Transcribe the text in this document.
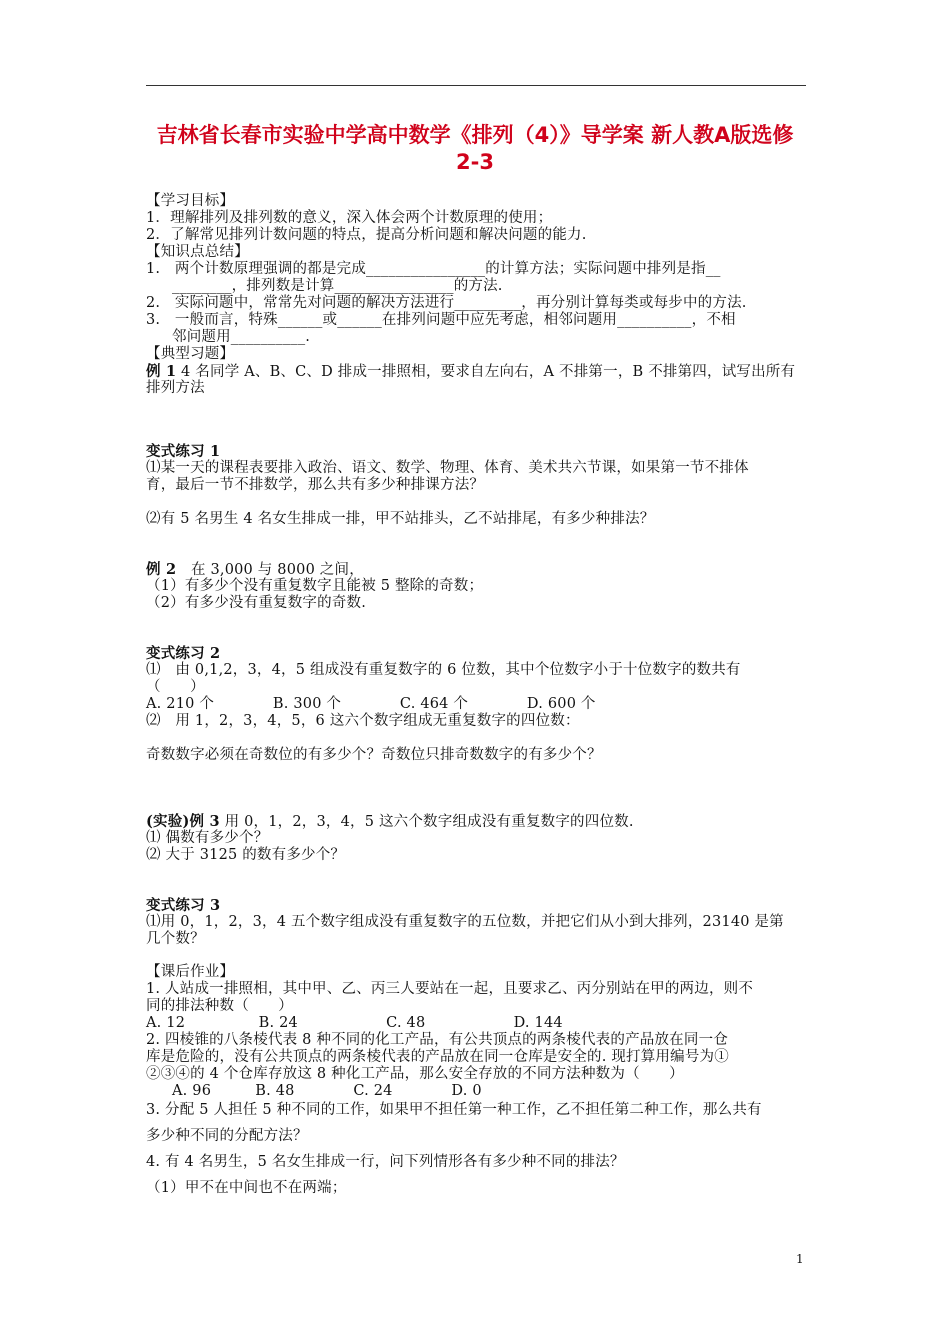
吉林省长春市实验中学高中数学《排列（4）》导学案 新人教A版选修
2-3
【学习目标】
1．理解排列及排列数的意义，深入体会两个计数原理的使用；
2．了解常见排列计数问题的特点，提高分析问题和解决问题的能力.
【知识点总结】
1.　两个计数原理强调的都是完成________________的计算方法；实际问题中排列是指__
________，排列数是计算________________的方法.
2.　实际问题中，常常先对问题的解决方法进行_________，再分别计算每类或每步中的方法.
3.　一般而言，特殊______或______在排列问题中应先考虑，相邻问题用__________，不相
邻问题用__________.
【典型习题】
例 1 4 名同学 A、B、C、D 排成一排照相，要求自左向右，A 不排第一，B 不排第四，试写出所有
排列方法
变式练习 1
⑴某一天的课程表要排入政治、语文、数学、物理、体育、美术共六节课，如果第一节不排体
育，最后一节不排数学，那么共有多少种排课方法？
⑵有 5 名男生 4 名女生排成一排，甲不站排头，乙不站排尾，有多少种排法？
例 2　在 3,000 与 8000 之间，
（1）有多少个没有重复数字且能被 5 整除的奇数；
（2）有多少没有重复数字的奇数.
变式练习 2
⑴　由 0,1,2，3，4，5 组成没有重复数字的 6 位数，其中个位数字小于十位数字的数共有
（　　）
A. 210 个　　　　B. 300 个　　　　C. 464 个　　　　D. 600 个
⑵　用 1，2，3，4，5，6 这六个数字组成无重复数字的四位数：
奇数数字必须在奇数位的有多少个？奇数位只排奇数数字的有多少个？
(实验)例 3 用 0，1，2，3，4，5 这六个数字组成没有重复数字的四位数.
⑴ 偶数有多少个？
⑵ 大于 3125 的数有多少个？
变式练习 3
⑴用 0，1，2，3，4 五个数字组成没有重复数字的五位数，并把它们从小到大排列，23140 是第
几个数？
【课后作业】
1. 人站成一排照相，其中甲、乙、丙三人要站在一起，且要求乙、丙分别站在甲的两边，则不
同的排法种数（　　）
A. 12　　　　　B. 24　　　　　　C. 48　　　　　　D. 144
2. 四棱锥的八条棱代表 8 种不同的化工产品，有公共顶点的两条棱代表的产品放在同一仓
库是危险的，没有公共顶点的两条棱代表的产品放在同一仓库是安全的. 现打算用编号为①
②③④的 4 个仓库存放这 8 种化工产品，那么安全存放的不同方法种数为（　　）
A. 96　　　B. 48　　　　C. 24　　　　D. 0
3. 分配 5 人担任 5 种不同的工作，如果甲不担任第一种工作，乙不担任第二种工作，那么共有
多少种不同的分配方法？
4. 有 4 名男生，5 名女生排成一行，问下列情形各有多少种不同的排法？
（1）甲不在中间也不在两端；
1
